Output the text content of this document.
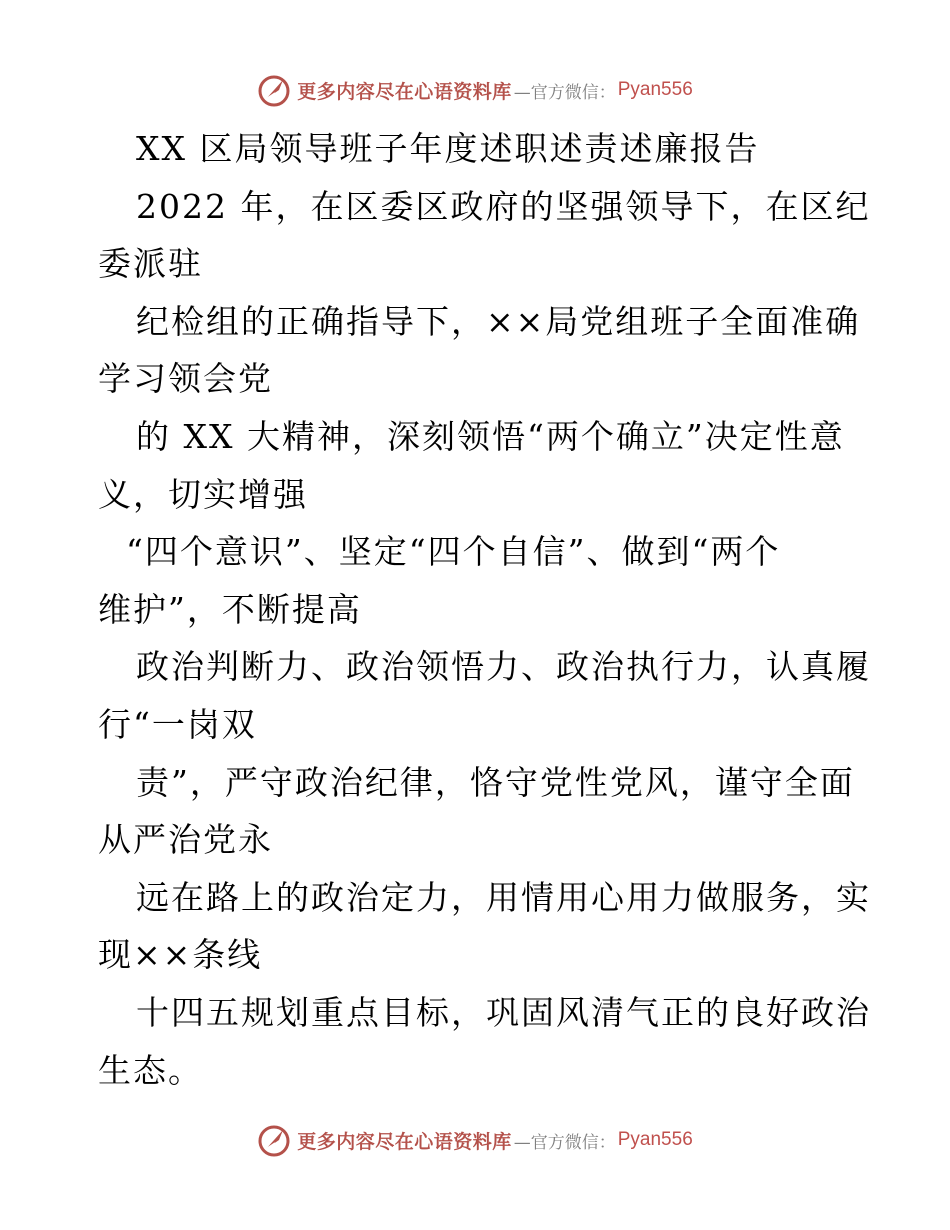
更多内容尽在心语资料库 —官方微信： Pyan556
XX 区局领导班子年度述职述责述廉报告
2022 年，在区委区政府的坚强领导下，在区纪
委派驻
纪检组的正确指导下，××局党组班子全面准确
学习领会党
的 XX 大精神，深刻领悟“两个确立”决定性意
义，切实增强
“四个意识”、坚定“四个自信”、做到“两个
维护”，不断提高
政治判断力、政治领悟力、政治执行力，认真履
行“一岗双
责”，严守政治纪律，恪守党性党风，谨守全面
从严治党永
远在路上的政治定力，用情用心用力做服务，实
现××条线
十四五规划重点目标，巩固风清气正的良好政治
生态。
更多内容尽在心语资料库 —官方微信： Pyan556
